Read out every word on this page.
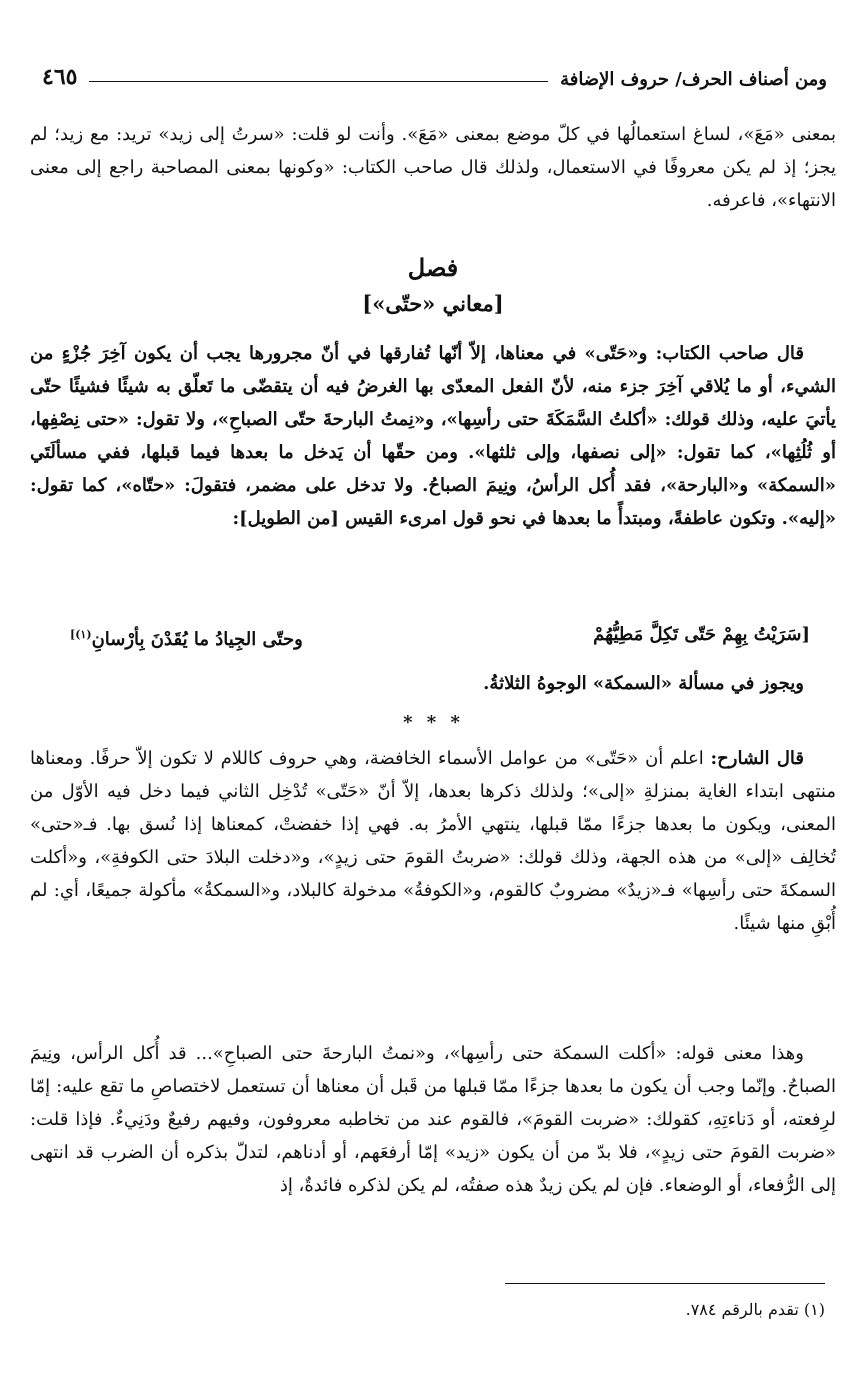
ومن أصناف الحرف/ حروف الإضافة
٤٦٥

بمعنى «مَعَ»، لساغ استعمالُها في كلّ موضع بمعنى «مَعَ». وأنت لو قلت: «سرتُ إلى زيد» تريد: مع زيد؛ لم يجز؛ إذ لم يكن معروفًا في الاستعمال، ولذلك قال صاحب الكتاب: «وكونها بمعنى المصاحبة راجع إلى معنى الانتهاء»، فاعرفه.

فصل
[معاني «حتّى»]

قال صاحب الكتاب: و«حَتّى» في معناها، إلاّ أنّها تُفارقها في أنّ مجرورها يجب أن يكون آخِرَ جُزْءٍ من الشيء، أو ما يُلاقي آخِرَ جزء منه، لأنّ الفعل المعدّى بها الغرضُ فيه أن يتقضّى ما تَعلّق به شيئًا فشيئًا حتّى يأتيَ عليه، وذلك قولك: «أكلتُ السَّمَكَةَ حتى رأسِها»، و«نِمتُ البارحةَ حتّى الصباحِ»، ولا تقول: «حتى نِصْفِها، أو ثُلُثِها»، كما تقول: «إلى نصفها، وإلى ثلثها». ومن حقّها أن يَدخل ما بعدها فيما قبلها، ففي مسألَتَي «السمكة» و«البارحة»، فقد أُكل الرأسُ، ونِيمَ الصباحُ. ولا تدخل على مضمر، فتقولَ: «حتّاه»، كما تقول: «إليه». وتكون عاطفةً، ومبتدأً ما بعدها في نحو قول امرىء القيس [من الطويل]:

[سَرَيْتُ بِهِمْ حَتّى تَكِلَّ مَطِيُّهُمْ
وحتّى الجِيادُ ما يُقَدْنَ بِأرْسانِ$^{(١)]}$

ويجوز في مسألة «السمكة» الوجوهُ الثلاثةُ.

* * *

قال الشارح: اعلم أن «حَتّى» من عوامل الأسماء الخافضة، وهي حروف كاللام لا تكون إلاّ حرفًا. ومعناها منتهى ابتداء الغاية بمنزلةِ «إلى»؛ ولذلك ذكرها بعدها، إلاّ أنّ «حَتّى» تُدْخِل الثاني فيما دخل فيه الأوّل من المعنى، ويكون ما بعدها جزءًا ممّا قبلها، ينتهي الأمرُ به. فهي إذا خفضتْ، كمعناها إذا نُسق بها. فـ«حتى» تُخالِف «إلى» من هذه الجهة، وذلك قولك: «ضربتُ القومَ حتى زيدٍ»، و«دخلت البلادَ حتى الكوفةِ»، و«أكلت السمكةَ حتى رأسِها» فـ«زيدٌ» مضروبٌ كالقوم، و«الكوفةُ» مدخولة كالبلاد، و«السمكةُ» مأكولة جميعًا، أي: لم أُبْقِ منها شيئًا.

وهذا معنى قوله: «أكلت السمكة حتى رأسِها»، و«نمتُ البارحةَ حتى الصباحِ»... قد أُكل الرأس، ونِيمَ الصباحُ. وإنّما وجب أن يكون ما بعدها جزءًا ممّا قبلها من قَبل أن معناها أن تستعمل لاختصاصِ ما تقع عليه: إمّا لرِفعته، أو دَناءتِهِ، كقولك: «ضربت القومَ»، فالقوم عند من تخاطبه معروفون، وفيهم رفيعٌ ودَنِيءٌ. فإذا قلت: «ضربت القومَ حتى زيدٍ»، فلا بدّ من أن يكون «زيد» إمّا أرفعَهم، أو أدناهم، لتدلّ بذكره أن الضرب قد انتهى إلى الرُّفعاء، أو الوضعاء. فإن لم يكن زيدٌ هذه صفتُه، لم يكن لذكره فائدةٌ، إذ

(١) تقدم بالرقم ٧٨٤.
